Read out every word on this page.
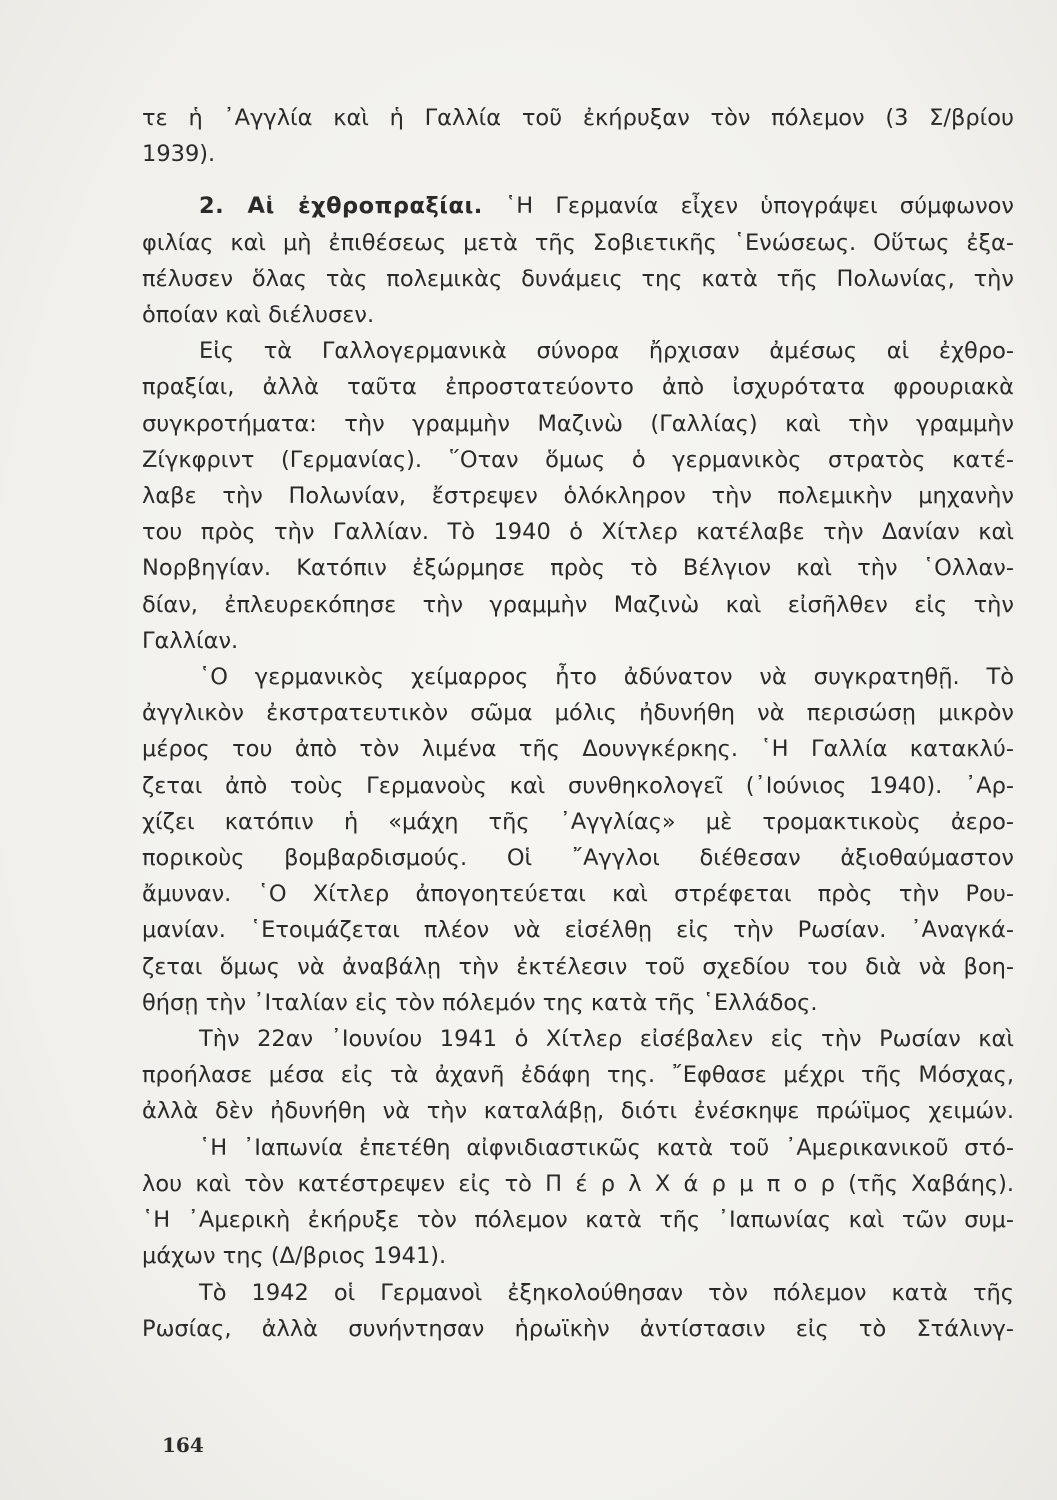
τε ἡ ᾿Αγγλία καὶ ἡ Γαλλία τοῦ ἐκήρυξαν τὸν πόλεμον (3 Σ/βρίου
1939).
2. Αἱ ἐχθροπραξίαι. ῾Η Γερμανία εἶχεν ὑπογράψει σύμφωνον
φιλίας καὶ μὴ ἐπιθέσεως μετὰ τῆς Σοβιετικῆς ῾Ενώσεως. Οὕτως ἐξα-
πέλυσεν ὅλας τὰς πολεμικὰς δυνάμεις της κατὰ τῆς Πολωνίας, τὴν
ὁποίαν καὶ διέλυσεν.
Εἰς τὰ Γαλλογερμανικὰ σύνορα ἤρχισαν ἀμέσως αἱ ἐχθρο-
πραξίαι, ἀλλὰ ταῦτα ἐπροστατεύοντο ἀπὸ ἰσχυρότατα φρουριακὰ
συγκροτήματα: τὴν γραμμὴν Μαζινὼ (Γαλλίας) καὶ τὴν γραμμὴν
Ζίγκφριντ (Γερμανίας). ῞Οταν ὅμως ὁ γερμανικὸς στρατὸς κατέ-
λαβε τὴν Πολωνίαν, ἔστρεψεν ὁλόκληρον τὴν πολεμικὴν μηχανὴν
του πρὸς τὴν Γαλλίαν. Τὸ 1940 ὁ Χίτλερ κατέλαβε τὴν Δανίαν καὶ
Νορβηγίαν. Κατόπιν ἐξώρμησε πρὸς τὸ Βέλγιον καὶ τὴν ῾Ολλαν-
δίαν, ἐπλευρεκόπησε τὴν γραμμὴν Μαζινὼ καὶ εἰσῆλθεν εἰς τὴν
Γαλλίαν.
῾Ο γερμανικὸς χείμαρρος ἦτο ἀδύνατον νὰ συγκρατηθῇ. Τὸ
ἀγγλικὸν ἐκστρατευτικὸν σῶμα μόλις ἠδυνήθη νὰ περισώσῃ μικρὸν
μέρος του ἀπὸ τὸν λιμένα τῆς Δουνγκέρκης. ῾Η Γαλλία κατακλύ-
ζεται ἀπὸ τοὺς Γερμανοὺς καὶ συνθηκολογεῖ (᾿Ιούνιος 1940). ᾿Αρ-
χίζει κατόπιν ἡ «μάχη τῆς ᾿Αγγλίας» μὲ τρομακτικοὺς ἀερο-
πορικοὺς βομβαρδισμούς. Οἱ ῎Αγγλοι διέθεσαν ἀξιοθαύμαστον
ἄμυναν. ῾Ο Χίτλερ ἀπογοητεύεται καὶ στρέφεται πρὸς τὴν Ρου-
μανίαν. ῾Ετοιμάζεται πλέον νὰ εἰσέλθῃ εἰς τὴν Ρωσίαν. ᾿Αναγκά-
ζεται ὅμως νὰ ἀναβάλῃ τὴν ἐκτέλεσιν τοῦ σχεδίου του διὰ νὰ βοη-
θήσῃ τὴν ᾿Ιταλίαν εἰς τὸν πόλεμόν της κατὰ τῆς ῾Ελλάδος.
Τὴν 22αν ᾿Ιουνίου 1941 ὁ Χίτλερ εἰσέβαλεν εἰς τὴν Ρωσίαν καὶ
προήλασε μέσα εἰς τὰ ἀχανῆ ἐδάφη της. ῎Εφθασε μέχρι τῆς Μόσχας,
ἀλλὰ δὲν ἠδυνήθη νὰ τὴν καταλάβῃ, διότι ἐνέσκηψε πρώϊμος χειμών.
῾Η ᾿Ιαπωνία ἐπετέθη αἰφνιδιαστικῶς κατὰ τοῦ ᾿Αμερικανικοῦ στό-
λου καὶ τὸν κατέστρεψεν εἰς τὸ Π έ ρ λ Χ ά ρ μ π ο ρ (τῆς Χαβάης).
῾Η ᾿Αμερικὴ ἐκήρυξε τὸν πόλεμον κατὰ τῆς ᾿Ιαπωνίας καὶ τῶν συμ-
μάχων της (Δ/βριος 1941).
Τὸ 1942 οἱ Γερμανοὶ ἐξηκολούθησαν τὸν πόλεμον κατὰ τῆς
Ρωσίας, ἀλλὰ συνήντησαν ἡρωϊκὴν ἀντίστασιν εἰς τὸ Στάλινγ-
164
